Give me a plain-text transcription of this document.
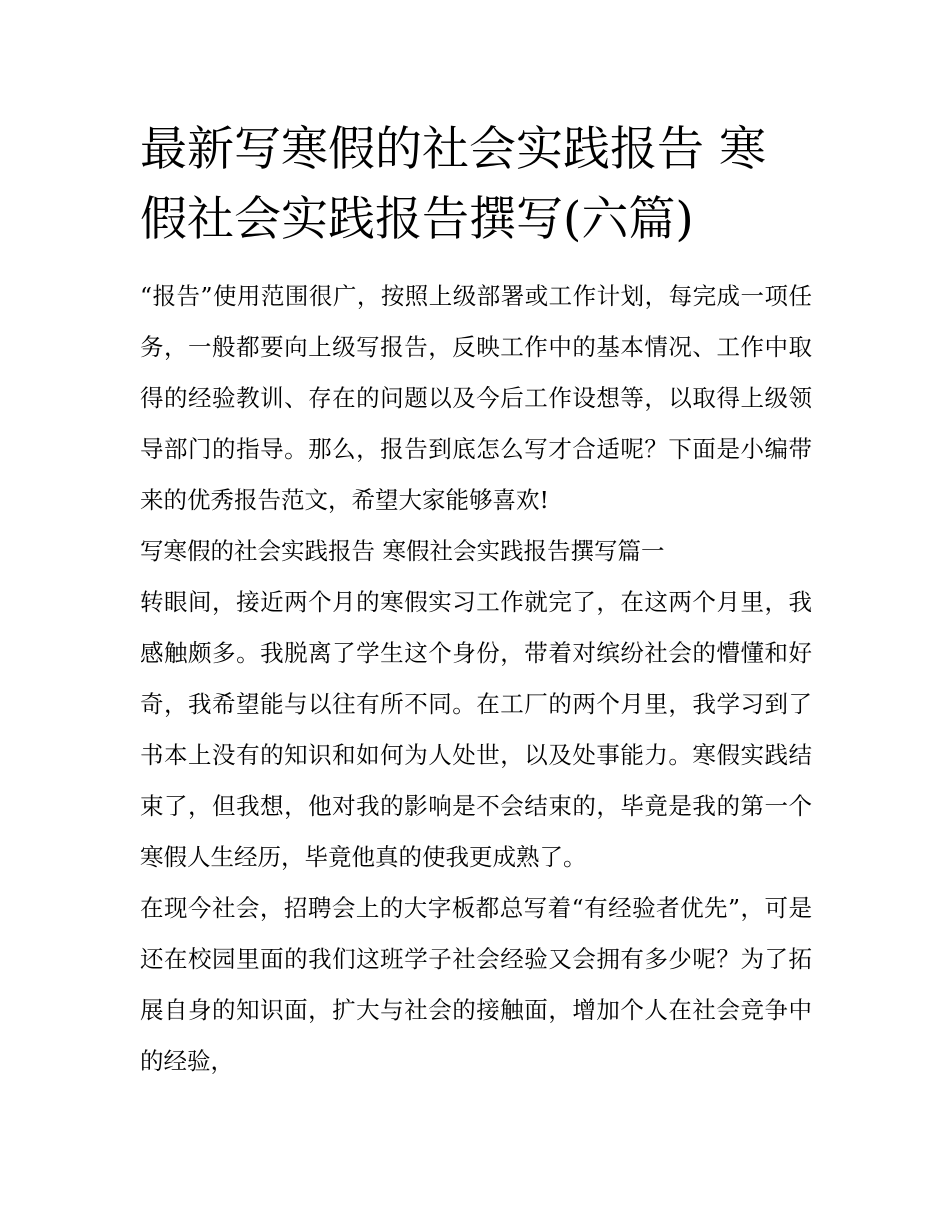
最新写寒假的社会实践报告 寒假社会实践报告撰写(六篇)

“报告”使用范围很广，按照上级部署或工作计划，每完成一项任务，一般都要向上级写报告，反映工作中的基本情况、工作中取得的经验教训、存在的问题以及今后工作设想等，以取得上级领导部门的指导。那么，报告到底怎么写才合适呢？下面是小编带来的优秀报告范文，希望大家能够喜欢!

写寒假的社会实践报告 寒假社会实践报告撰写篇一

转眼间，接近两个月的寒假实习工作就完了，在这两个月里，我感触颇多。我脱离了学生这个身份，带着对缤纷社会的懵懂和好奇，我希望能与以往有所不同。在工厂的两个月里，我学习到了书本上没有的知识和如何为人处世，以及处事能力。寒假实践结束了，但我想，他对我的影响是不会结束的，毕竟是我的第一个寒假人生经历，毕竟他真的使我更成熟了。

在现今社会，招聘会上的大字板都总写着“有经验者优先”，可是还在校园里面的我们这班学子社会经验又会拥有多少呢？为了拓展自身的知识面，扩大与社会的接触面，增加个人在社会竞争中的经验，
